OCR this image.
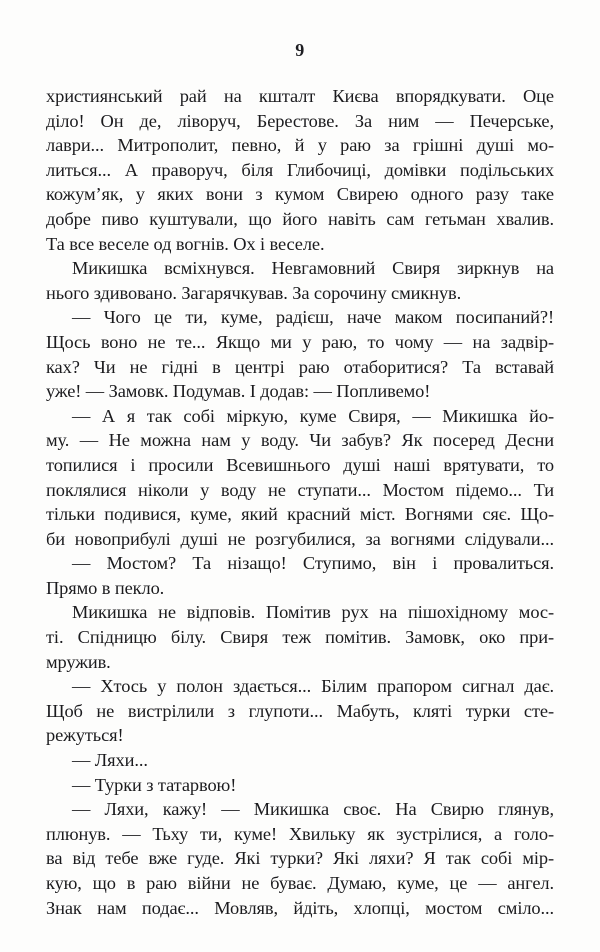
9
християнський рай на кшталт Києва впорядкувати. Оце
діло! Он де, ліворуч, Берестове. За ним — Печерське,
лаври... Митрополит, певно, й у раю за грішні душі мо-
литься... А праворуч, біля Глибочиці, домівки подільських
кожум’як, у яких вони з кумом Свирею одного разу таке
добре пиво куштували, що його навіть сам гетьман хвалив.
Та все веселе од вогнів. Ох і веселе.
Микишка всміхнувся. Невгамовний Свиря зиркнув на
нього здивовано. Загарячкував. За сорочину смикнув.
— Чого це ти, куме, радієш, наче маком посипаний?!
Щось воно не те... Якщо ми у раю, то чому — на задвір-
ках? Чи не гідні в центрі раю отаборитися? Та вставай
уже! — Замовк. Подумав. І додав: — Попливемо!
— А я так собі міркую, куме Свиря, — Микишка йо-
му. — Не можна нам у воду. Чи забув? Як посеред Десни
топилися і просили Всевишнього душі наші врятувати, то
поклялися ніколи у воду не ступати... Мостом підемо... Ти
тільки подивися, куме, який красний міст. Вогнями сяє. Що-
би новоприбулі душі не розгубилися, за вогнями слідували...
— Мостом? Та нізащо! Ступимо, він і провалиться.
Прямо в пекло.
Микишка не відповів. Помітив рух на пішохідному мос-
ті. Спідницю білу. Свиря теж помітив. Замовк, око при-
мружив.
— Хтось у полон здається... Білим прапором сигнал дає.
Щоб не вистрілили з глупоти... Мабуть, кляті турки сте-
режуться!
— Ляхи...
— Турки з татарвою!
— Ляхи, кажу! — Микишка своє. На Свирю глянув,
плюнув. — Тьху ти, куме! Хвильку як зустрілися, а голо-
ва від тебе вже гуде. Які турки? Які ляхи? Я так собі мір-
кую, що в раю війни не буває. Думаю, куме, це — ангел.
Знак нам подає... Мовляв, йдіть, хлопці, мостом сміло...
